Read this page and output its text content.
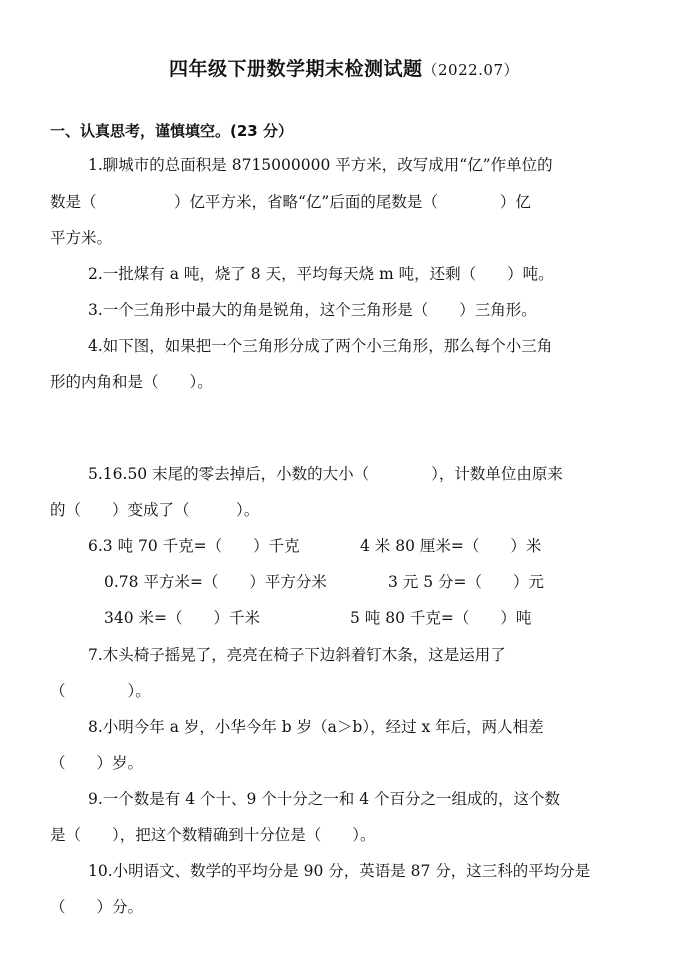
四年级下册数学期末检测试题（2022.07）
一、认真思考，谨慎填空。(23 分）
1.聊城市的总面积是 8715000000 平方米，改写成用“亿”作单位的
数是（　　　　　）亿平方米，省略“亿”后面的尾数是（　　　　）亿
平方米。
2.一批煤有 a 吨，烧了 8 天，平均每天烧 m 吨，还剩（　　）吨。
3.一个三角形中最大的角是锐角，这个三角形是（　　）三角形。
4.如下图，如果把一个三角形分成了两个小三角形，那么每个小三角
形的内角和是（　　）。
5.16.50 末尾的零去掉后，小数的大小（　　　　），计数单位由原来
的（　　）变成了（　　　）。
6.3 吨 70 千克=（　　）千克	4 米 80 厘米=（　　）米
0.78 平方米=（　　）平方分米	3 元 5 分=（　　）元
340 米=（　　）千米	5 吨 80 千克=（　　）吨
7.木头椅子摇晃了，亮亮在椅子下边斜着钉木条，这是运用了
（　　　　）。
8.小明今年 a 岁，小华今年 b 岁（a＞b），经过 x 年后，两人相差
（　　）岁。
9.一个数是有 4 个十、9 个十分之一和 4 个百分之一组成的，这个数
是（　　），把这个数精确到十分位是（　　）。
10.小明语文、数学的平均分是 90 分，英语是 87 分，这三科的平均分是
（　　）分。
